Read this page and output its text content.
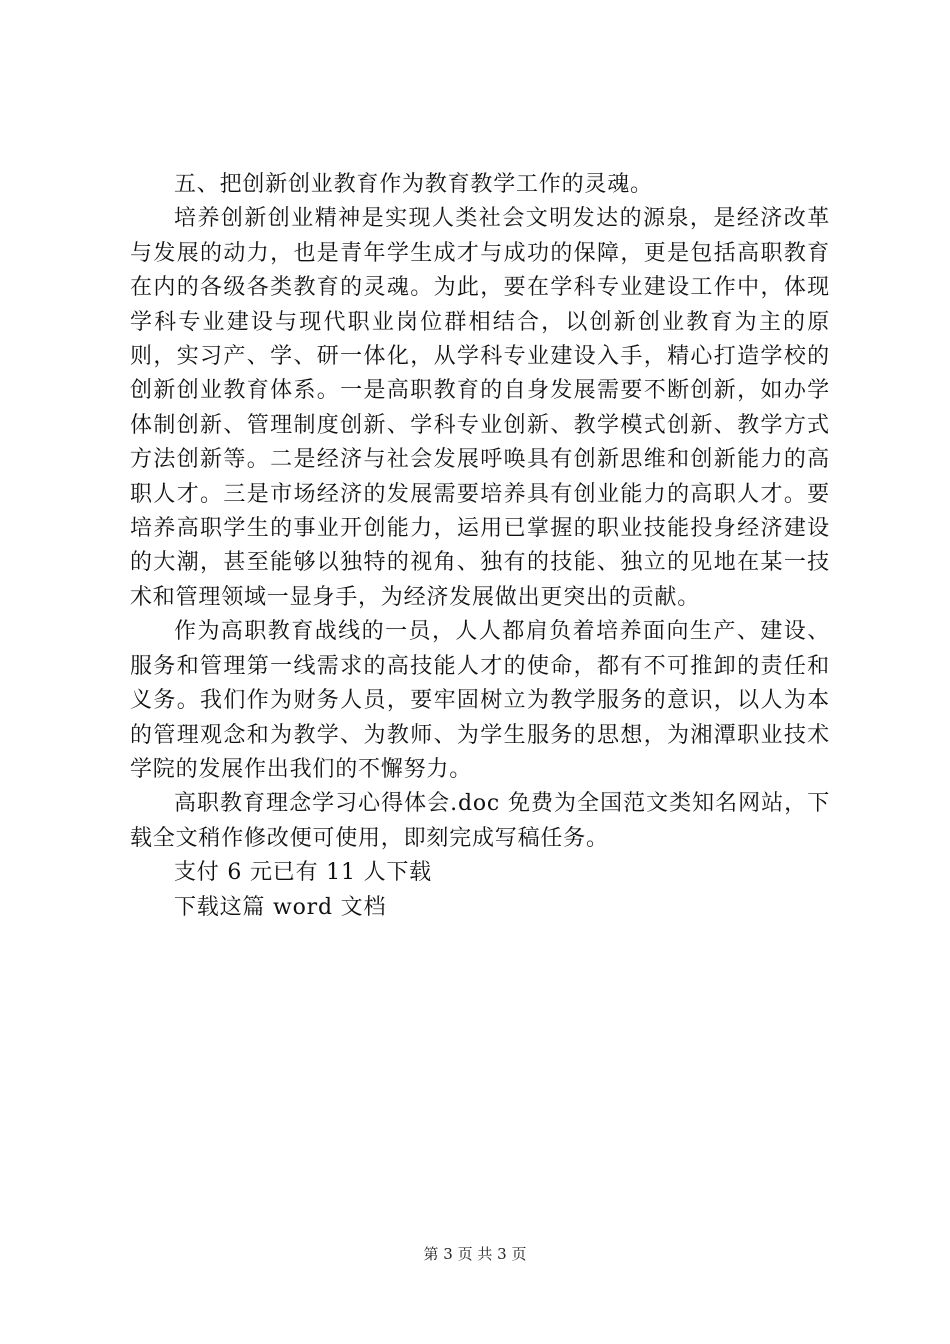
五、把创新创业教育作为教育教学工作的灵魂。

培养创新创业精神是实现人类社会文明发达的源泉，是经济改革与发展的动力，也是青年学生成才与成功的保障，更是包括高职教育在内的各级各类教育的灵魂。为此，要在学科专业建设工作中，体现学科专业建设与现代职业岗位群相结合，以创新创业教育为主的原则，实习产、学、研一体化，从学科专业建设入手，精心打造学校的创新创业教育体系。一是高职教育的自身发展需要不断创新，如办学体制创新、管理制度创新、学科专业创新、教学模式创新、教学方式方法创新等。二是经济与社会发展呼唤具有创新思维和创新能力的高职人才。三是市场经济的发展需要培养具有创业能力的高职人才。要培养高职学生的事业开创能力，运用已掌握的职业技能投身经济建设的大潮，甚至能够以独特的视角、独有的技能、独立的见地在某一技术和管理领域一显身手，为经济发展做出更突出的贡献。

作为高职教育战线的一员，人人都肩负着培养面向生产、建设、服务和管理第一线需求的高技能人才的使命，都有不可推卸的责任和义务。我们作为财务人员，要牢固树立为教学服务的意识，以人为本的管理观念和为教学、为教师、为学生服务的思想，为湘潭职业技术学院的发展作出我们的不懈努力。

高职教育理念学习心得体会.doc 免费为全国范文类知名网站，下载全文稍作修改便可使用，即刻完成写稿任务。

支付 6 元已有 11 人下载

下载这篇 word 文档

第 3 页 共 3 页
